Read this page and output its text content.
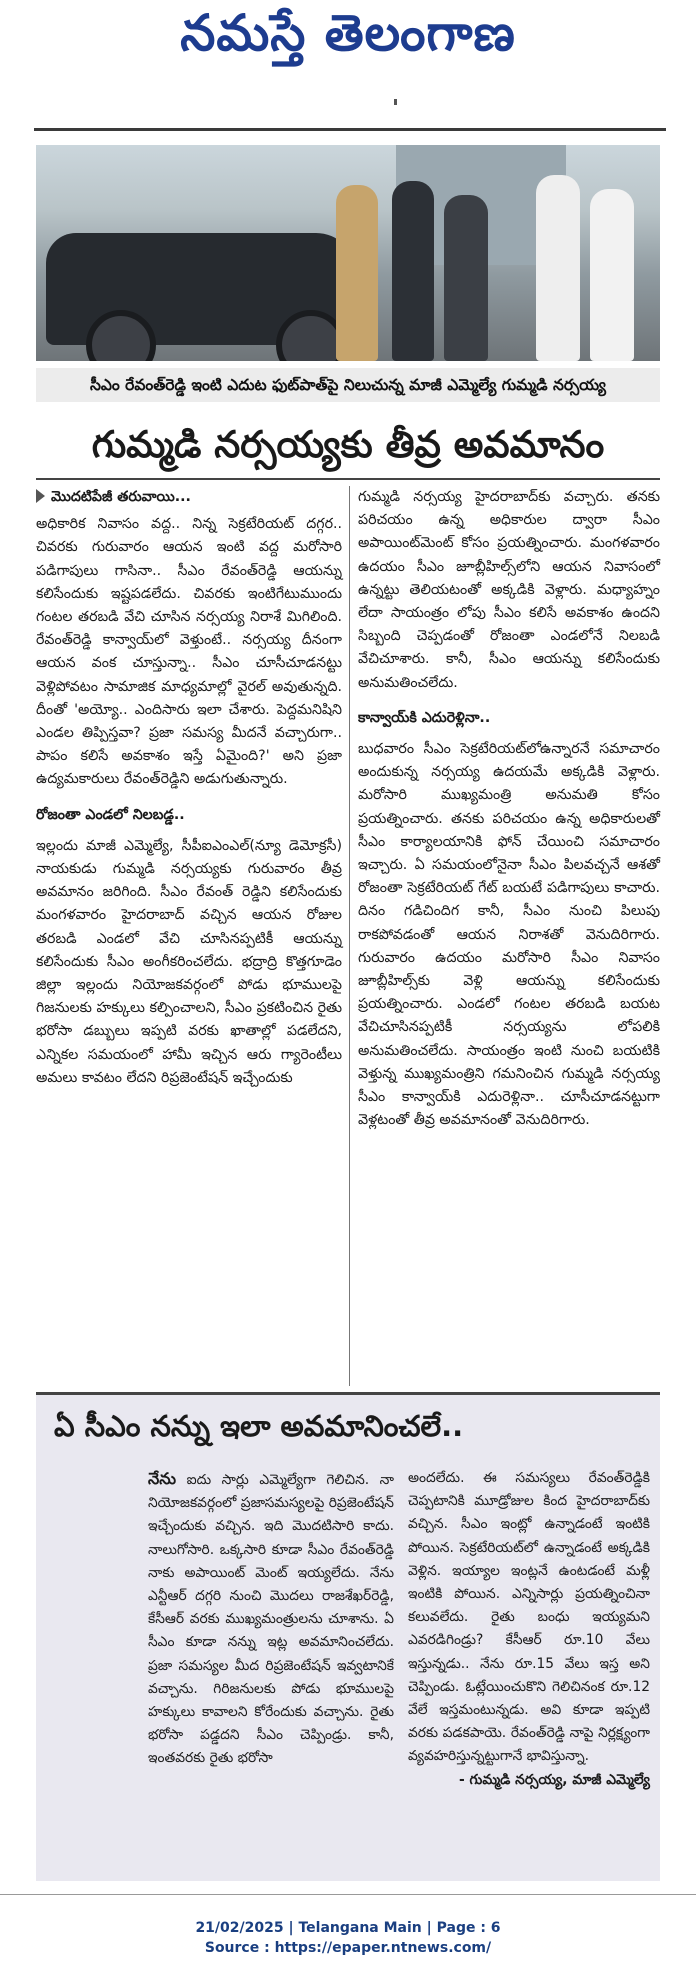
నమస్తే తెలంగాణ
సీఎం రేవంత్‌రెడ్డి ఇంటి ఎదుట ఫుట్‌పాత్‌పై నిలుచున్న మాజీ ఎమ్మెల్యే గుమ్మడి నర్సయ్య
గుమ్మడి నర్సయ్యకు తీవ్ర అవమానం

మొదటిపేజీ తరువాయి...

అధికారిక నివాసం వద్ద.. నిన్న సెక్రటేరియట్‌ దగ్గర.. చివరకు గురువారం ఆయన ఇంటి వద్ద మరోసారి పడిగాపులు గాసినా.. సీఎం రేవంత్‌రెడ్డి ఆయన్ను కలిసేందుకు ఇష్టపడలేదు. చివరకు ఇంటిగేటుముందు గంటల తరబడి వేచి చూసిన నర్సయ్య నిరాశే మిగిలింది. రేవంత్‌రెడ్డి కాన్వాయ్‌లో వెళ్తుంటే.. నర్సయ్య దీనంగా ఆయన వంక చూస్తున్నా.. సీఎం చూసీచూడనట్టు వెళ్లిపోవటం సామాజిక మాధ్యమాల్లో వైరల్‌ అవుతున్నది. దీంతో 'అయ్యో.. ఎందిసారు ఇలా చేశారు. పెద్దమనిషిని ఎండల తిప్పిస్తవా? ప్రజా సమస్య మీదనే వచ్చారుగా.. పాపం కలిసే అవకాశం ఇస్తే ఏమైంది?' అని ప్రజా ఉద్యమకారులు రేవంత్‌రెడ్డిని అడుగుతున్నారు.

రోజంతా ఎండలో నిలబడ్డ..

ఇల్లందు మాజీ ఎమ్మెల్యే, సీపీఐఎంఎల్‌(న్యూ డెమోక్రసీ) నాయకుడు గుమ్మడి నర్సయ్యకు గురువారం తీవ్ర అవమానం జరిగింది. సీఎం రేవంత్‌ రెడ్డిని కలిసేందుకు మంగళవారం హైదరాబాద్‌ వచ్చిన ఆయన రోజుల తరబడి ఎండలో వేచి చూసినప్పటికీ ఆయన్ను కలిసేందుకు సీఎం అంగీకరించలేదు. భద్రాద్రి కొత్తగూడెం జిల్లా ఇల్లందు నియోజకవర్గంలో పోడు భూములపై గిజనులకు హక్కులు కల్పించాలని, సీఎం ప్రకటించిన రైతు భరోసా డబ్బులు ఇప్పటి వరకు ఖాతాల్లో పడలేదని, ఎన్నికల సమయంలో హామీ ఇచ్చిన ఆరు గ్యారెంటీలు అమలు కావటం లేదని రిప్రజెంటేషన్‌ ఇచ్చేందుకు

గుమ్మడి నర్సయ్య హైదరాబాద్‌కు వచ్చారు. తనకు పరిచయం ఉన్న అధికారుల ద్వారా సీఎం అపాయింట్‌మెంట్‌ కోసం ప్రయత్నించారు. మంగళవారం ఉదయం సీఎం జూబ్లీహిల్స్‌లోని ఆయన నివాసంలో ఉన్నట్టు తెలియటంతో అక్కడికి వెళ్లారు. మధ్యాహ్నం లేదా సాయంత్రం లోపు సీఎం కలిసే అవకాశం ఉందని సిబ్బంది చెప్పడంతో రోజంతా ఎండలోనే నిలబడి వేచిచూశారు. కానీ, సీఎం ఆయన్ను కలిసేందుకు అనుమతించలేదు.

కాన్వాయ్‌కి ఎదురెళ్లినా..

బుధవారం సీఎం సెక్రటేరియట్‌లోఉన్నారనే సమాచారం అందుకున్న నర్సయ్య ఉదయమే అక్కడికి వెళ్లారు. మరోసారి ముఖ్యమంత్రి అనుమతి కోసం ప్రయత్నించారు. తనకు పరిచయం ఉన్న అధికారులతో సీఎం కార్యాలయానికి ఫోన్‌ చేయించి సమాచారం ఇచ్చారు. ఏ సమయంలోనైనా సీఎం పిలవచ్చనే ఆశతో రోజంతా సెక్రటేరియట్‌ గేట్‌ బయటే పడిగాపులు కాచారు. దినం గడిచిందిగ కానీ, సీఎం నుంచి పిలుపు రాకపోవడంతో ఆయన నిరాశతో వెనుదిరిగారు. గురువారం ఉదయం మరోసారి సీఎం నివాసం జూబ్లీహిల్స్‌కు వెళ్లి ఆయన్ను కలిసేందుకు ప్రయత్నించారు. ఎండలో గంటల తరబడి బయట వేచిచూసినప్పటికీ నర్సయ్యను లోపలికి అనుమతించలేదు. సాయంత్రం ఇంటి నుంచి బయటికి వెళ్తున్న ముఖ్యమంత్రిని గమనించిన గుమ్మడి నర్సయ్య సీఎం కాన్వాయ్‌కి ఎదురెళ్లినా.. చూసీచూడనట్టుగా వెళ్లటంతో తీవ్ర అవమానంతో వెనుదిరిగారు.

ఏ సీఎం నన్ను ఇలా అవమానించలే..
నేను ఐదు సార్లు ఎమ్మెల్యేగా గెలిచిన. నా నియోజకవర్గంలో ప్రజాసమస్యలపై రిప్రజెంటేషన్‌ ఇచ్చేందుకు వచ్చిన. ఇది మొదటిసారి కాదు. నాలుగోసారి. ఒక్కసారి కూడా సీఎం రేవంత్‌రెడ్డి నాకు అపాయింట్‌ మెంట్‌ ఇయ్యలేదు. నేను ఎన్టీఆర్‌ దగ్గరి నుంచి మొదలు రాజశేఖర్‌రెడ్డి, కేసీఆర్‌ వరకు ముఖ్యమంత్రులను చూశాను. ఏ సీఎం కూడా నన్ను ఇట్ల అవమానించలేదు. ప్రజా సమస్యల మీద రిప్రజెంటేషన్‌ ఇవ్వటానికే వచ్చాను. గిరిజనులకు పోడు భూములపై హక్కులు కావాలని కోరేందుకు వచ్చాను. రైతు భరోసా పడ్డదని సీఎం చెప్పిండ్రు. కానీ, ఇంతవరకు రైతు భరోసా
అందలేదు. ఈ సమస్యలు రేవంత్‌రెడ్డికి చెప్పటానికి మూడ్రోజుల కింద హైదరాబాద్‌కు వచ్చిన. సీఎం ఇంట్లో ఉన్నాడంటే ఇంటికి పోయిన. సెక్రటేరియట్‌లో ఉన్నాడంటే అక్కడికి వెళ్లిన. ఇయ్యాల ఇంట్లనే ఉంటడంటే మళ్లీ ఇంటికి పోయిన. ఎన్నిసార్లు ప్రయత్నించినా కలువలేదు. రైతు బంధు ఇయ్యమని ఎవరడిగిండ్రు? కేసీఆర్‌ రూ.10 వేలు ఇస్తున్నడు.. నేను రూ.15 వేలు ఇస్త అని చెప్పిండు. ఓట్లేయించుకొని గెలిచినంక రూ.12 వేలే ఇస్తమంటున్నడు. అవి కూడా ఇప్పటి వరకు పడకపాయె. రేవంత్‌రెడ్డి నాపై నిర్లక్ష్యంగా వ్యవహరిస్తున్నట్టుగానే భావిస్తున్నా.
- గుమ్మడి నర్సయ్య, మాజీ ఎమ్మెల్యే
21/02/2025 | Telangana Main | Page : 6
Source : https://epaper.ntnews.com/
